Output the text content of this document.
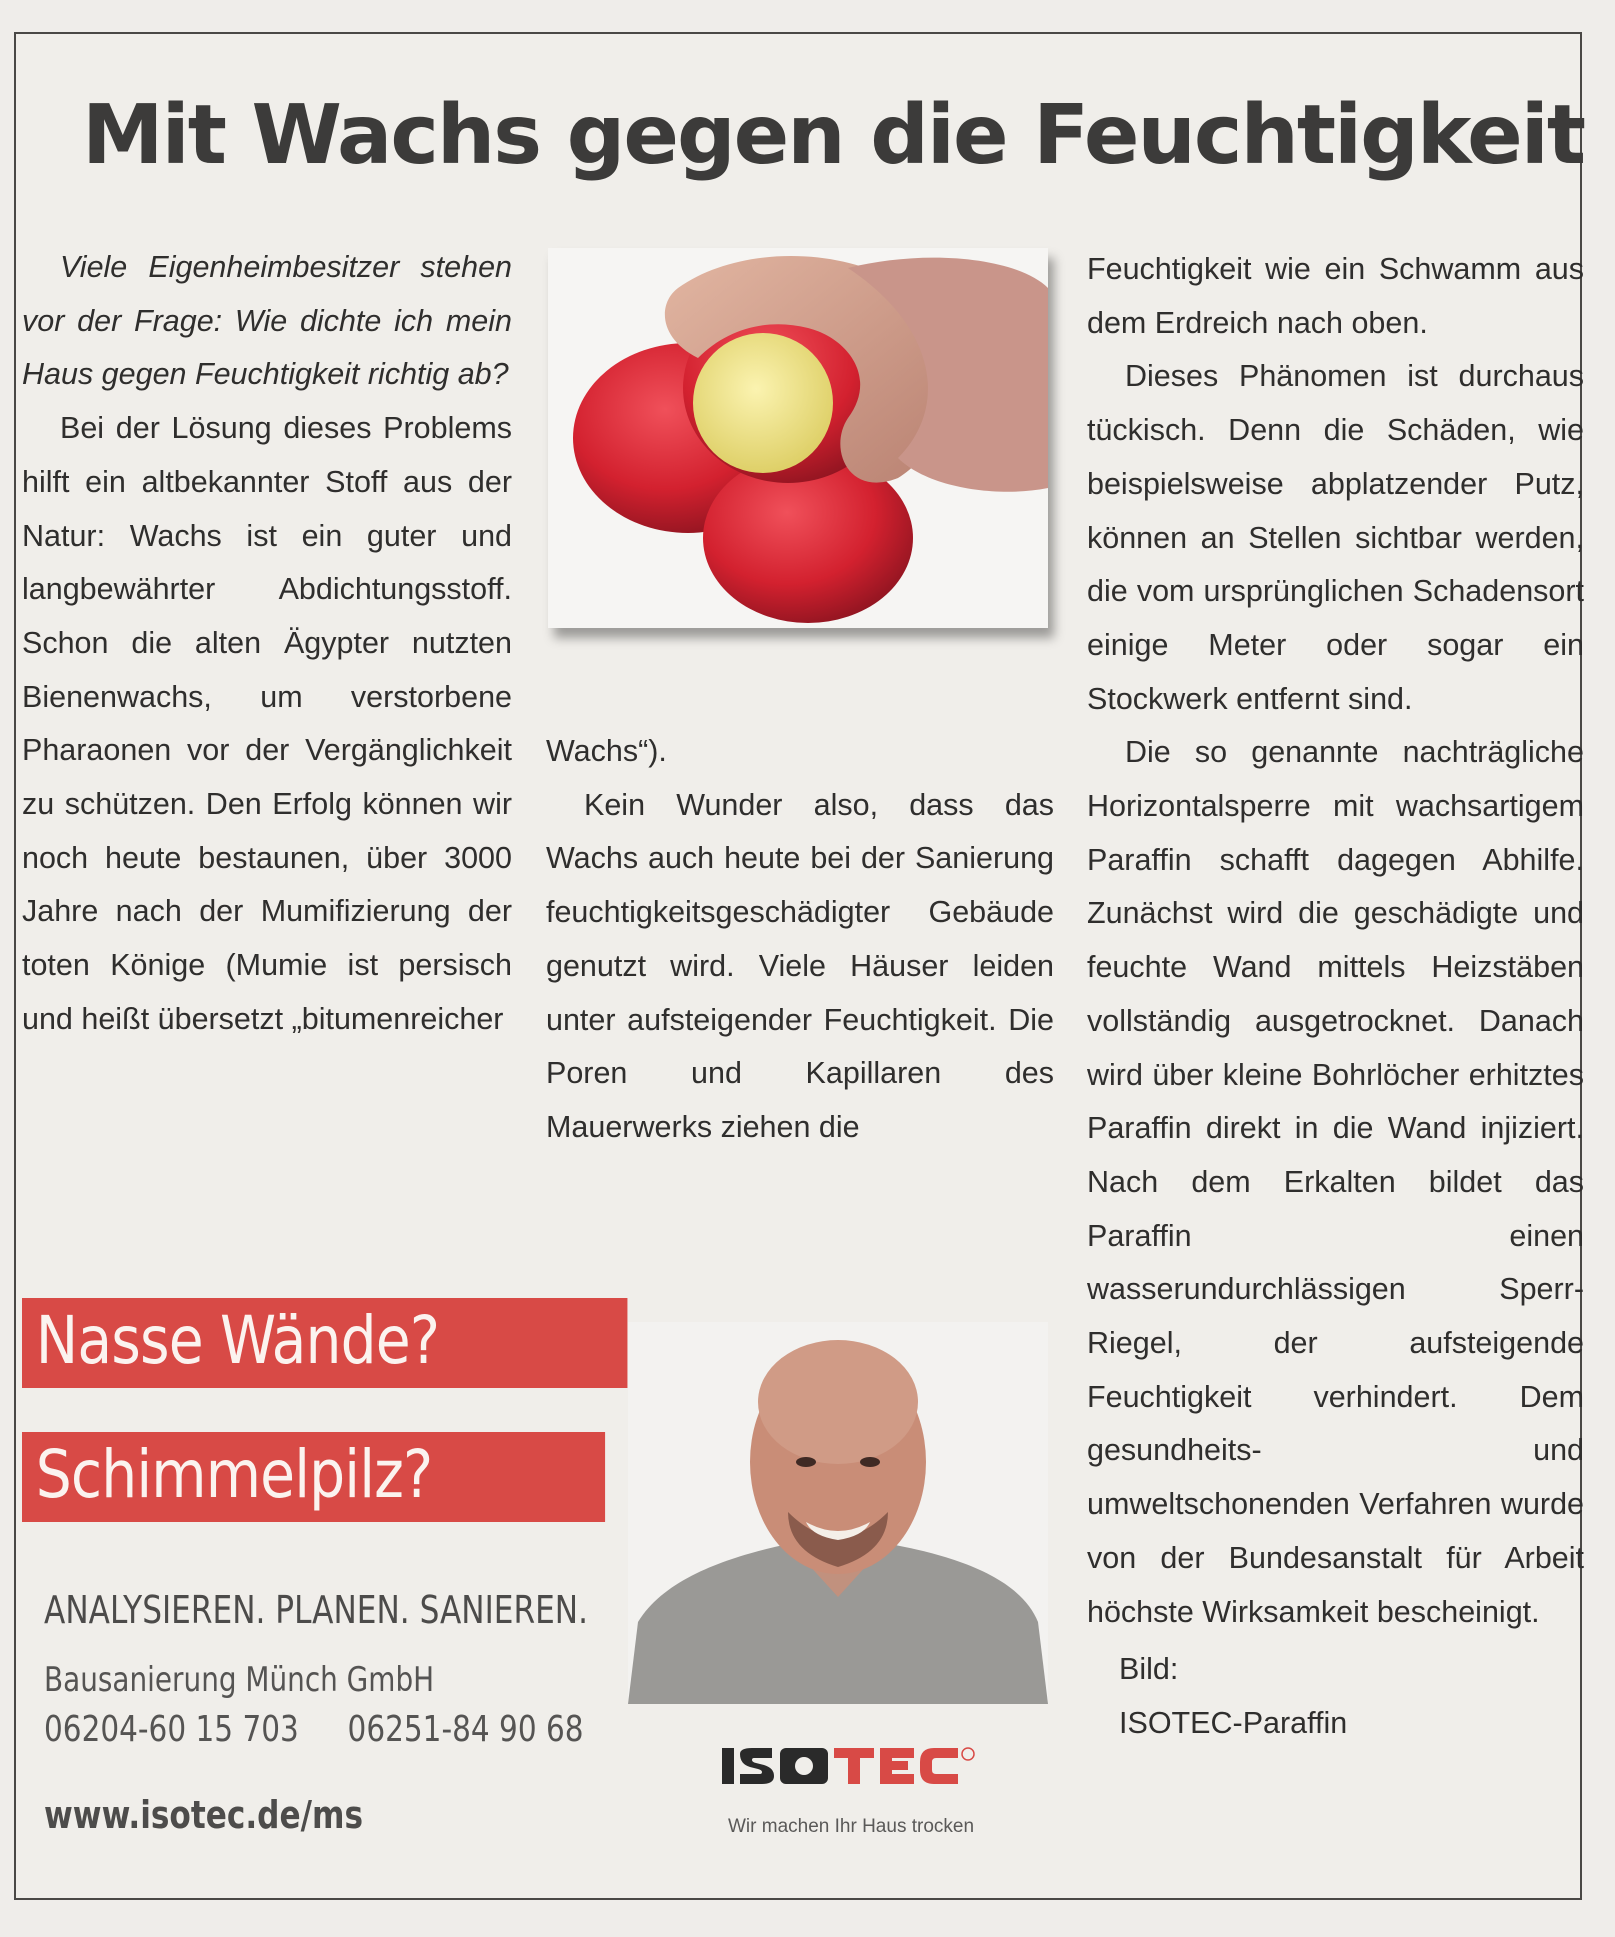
Mit Wachs gegen die Feuchtigkeit

Viele Eigenheimbesitzer stehen vor der Frage: Wie dichte ich mein Haus gegen Feuchtigkeit richtig ab?

Bei der Lösung dieses Problems hilft ein altbekannter Stoff aus der Natur: Wachs ist ein guter und langbewährter Abdichtungsstoff. Schon die alten Ägypter nutzten Bienenwachs, um verstorbene Pharaonen vor der Vergänglichkeit zu schützen. Den Erfolg können wir noch heute bestaunen, über 3000 Jahre nach der Mumifizierung der toten Könige (Mumie ist persisch und heißt übersetzt „bitumenreicher

Wachs“).

Kein Wunder also, dass das Wachs auch heute bei der Sanierung feuchtigkeitsgeschädigter Gebäude genutzt wird. Viele Häuser leiden unter aufsteigender Feuchtigkeit. Die Poren und Kapillaren des Mauerwerks ziehen die

Feuchtigkeit wie ein Schwamm aus dem Erdreich nach oben.

Dieses Phänomen ist durchaus tückisch. Denn die Schäden, wie beispielsweise abplatzender Putz, können an Stellen sichtbar werden, die vom ursprünglichen Schadensort einige Meter oder sogar ein Stockwerk entfernt sind.

Die so genannte nachträgliche Horizontalsperre mit wachsartigem Paraffin schafft dagegen Abhilfe. Zunächst wird die geschädigte und feuchte Wand mittels Heizstäben vollständig ausgetrocknet. Danach wird über kleine Bohrlöcher erhitztes Paraffin direkt in die Wand injiziert. Nach dem Erkalten bildet das Paraffin einen wasserundurchlässigen Sperr-Riegel, der aufsteigende Feuchtigkeit verhindert. Dem gesundheits- und umweltschonenden Verfahren wurde von der Bundesanstalt für Arbeit höchste Wirksamkeit bescheinigt.

Bild:
ISOTEC-Paraffin
Nasse Wände?
Schimmelpilz?
ANALYSIEREN. PLANEN. SANIEREN.
Bausanierung Münch GmbH
06204-60 15 703 06251-84 90 68
www.isotec.de/ms	Wir machen Ihr Haus trocken
